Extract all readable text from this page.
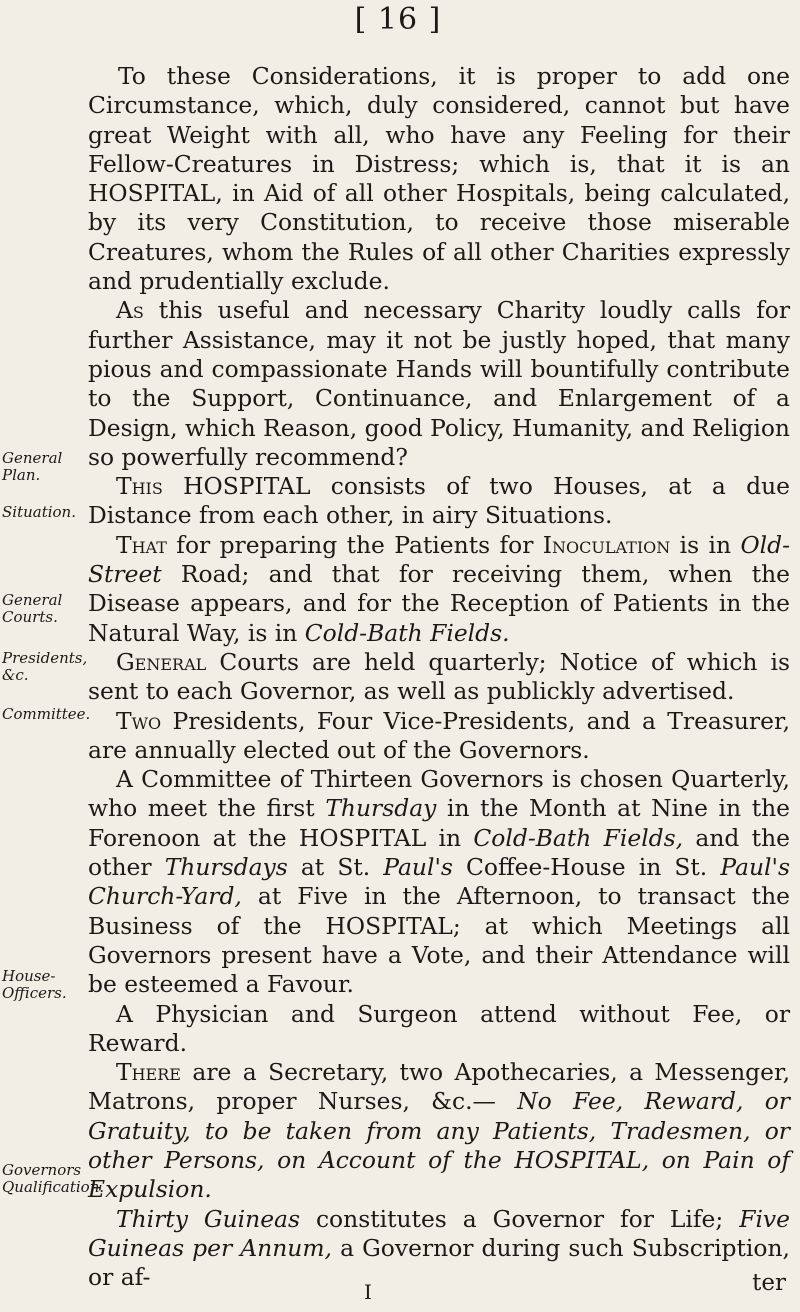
[ 16 ]
General Plan.
Situation.
General Courts.
Presidents, &c.
Committee.
House-Officers.
Governors Qualification.

To these Considerations, it is proper to add one Circumstance, which, duly considered, cannot but have great Weight with all, who have any Feeling for their Fellow-Creatures in Distress; which is, that it is an HOSPITAL, in Aid of all other Hospitals, being calculated, by its very Constitution, to receive those miserable Creatures, whom the Rules of all other Charities expressly and prudentially exclude.

As this useful and necessary Charity loudly calls for further Assistance, may it not be justly hoped, that many pious and compassionate Hands will bountifully contribute to the Support, Continuance, and Enlargement of a Design, which Reason, good Policy, Humanity, and Religion so powerfully recommend?

This HOSPITAL consists of two Houses, at a due Distance from each other, in airy Situations.

That for preparing the Patients for Inoculation is in Old-Street Road; and that for receiving them, when the Disease appears, and for the Reception of Patients in the Natural Way, is in Cold-Bath Fields.

General Courts are held quarterly; Notice of which is sent to each Governor, as well as publickly advertised.

Two Presidents, Four Vice-Presidents, and a Treasurer, are annually elected out of the Governors.

A Committee of Thirteen Governors is chosen Quarterly, who meet the first Thursday in the Month at Nine in the Forenoon at the HOSPITAL in Cold-Bath Fields, and the other Thursdays at St. Paul's Coffee-House in St. Paul's Church-Yard, at Five in the Afternoon, to transact the Business of the HOSPITAL; at which Meetings all Governors present have a Vote, and their Attendance will be esteemed a Favour.

A Physician and Surgeon attend without Fee, or Reward.

There are a Secretary, two Apothecaries, a Messenger, Matrons, proper Nurses, &c.— No Fee, Reward, or Gratuity, to be taken from any Patients, Tradesmen, or other Persons, on Account of the HOSPITAL, on Pain of Expulsion.

Thirty Guineas constitutes a Governor for Life; Five Guineas per Annum, a Governor during such Subscription, or af-

I	ter
